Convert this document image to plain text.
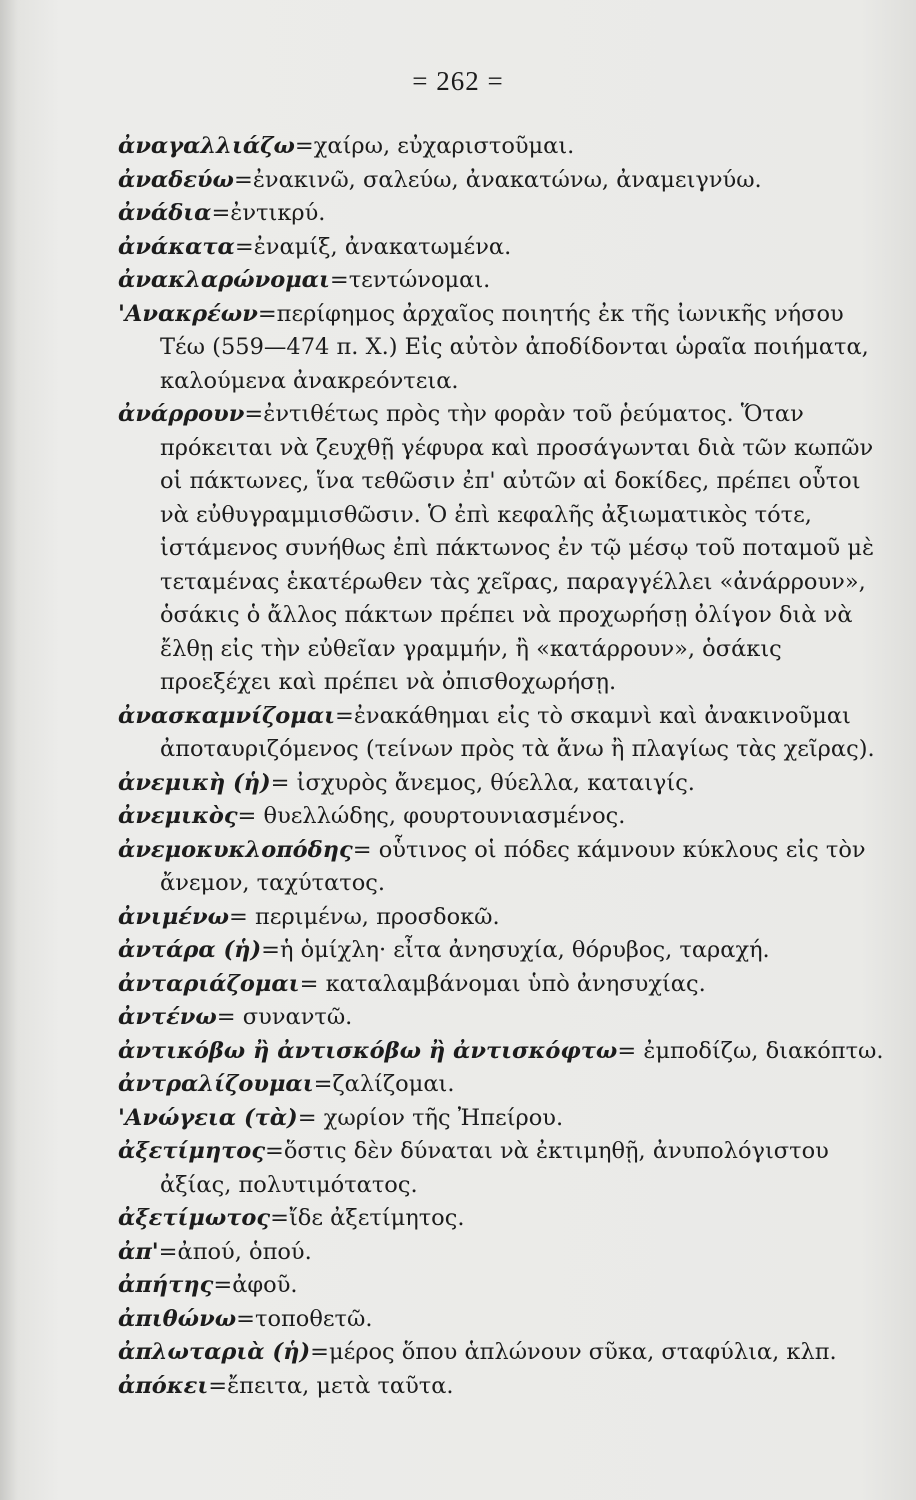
= 262 =

ἀναγαλλιάζω=χαίρω, εὐχαριστοῦμαι.

ἀναδεύω=ἐνακινῶ, σαλεύω, ἀνακατώνω, ἀναμειγνύω.

ἀνάδια=ἐντικρύ.

ἀνάκατα=ἐναμίξ, ἀνακατωμένα.

ἀνακλαρώνομαι=τεντώνομαι.

'Ανακρέων=περίφημος ἀρχαῖος ποιητής ἐκ τῆς ἰωνικῆς νήσου Τέω (559—474 π. Χ.) Εἰς αὐτὸν ἀποδίδονται ὡραῖα ποιήματα, καλούμενα ἀνακρεόντεια.

ἀνάρρουν=ἐντιθέτως πρὸς τὴν φορὰν τοῦ ῥεύματος. Ὅταν πρόκειται νὰ ζευχθῇ γέφυρα καὶ προσάγωνται διὰ τῶν κωπῶν οἱ πάκτωνες, ἵνα τεθῶσιν ἐπ' αὐτῶν αἱ δοκίδες, πρέπει οὗτοι νὰ εὐθυγραμμισθῶσιν. Ὁ ἐπὶ κεφαλῆς ἀξιωματικὸς τότε, ἱστάμενος συνήθως ἐπὶ πάκτωνος ἐν τῷ μέσῳ τοῦ ποταμοῦ μὲ τεταμένας ἑκατέρωθεν τὰς χεῖρας, παραγγέλλει «ἀνάρρουν», ὁσάκις ὁ ἄλλος πάκτων πρέπει νὰ προχωρήσῃ ὀλίγον διὰ νὰ ἔλθῃ εἰς τὴν εὐθεῖαν γραμμήν, ἢ «κατάρρουν», ὁσάκις προεξέχει καὶ πρέπει νὰ ὀπισθοχωρήσῃ.

ἀνασκαμνίζομαι=ἐνακάθημαι εἰς τὸ σκαμνὶ καὶ ἀνακινοῦμαι ἀποταυριζόμενος (τείνων πρὸς τὰ ἄνω ἢ πλαγίως τὰς χεῖρας).

ἀνεμικὴ (ἡ)= ἰσχυρὸς ἄνεμος, θύελλα, καταιγίς.

ἀνεμικὸς= θυελλώδης, φουρτουνιασμένος.

ἀνεμοκυκλοπόδης= οὗτινος οἱ πόδες κάμνουν κύκλους εἰς τὸν ἄνεμον, ταχύτατος.

ἀνιμένω= περιμένω, προσδοκῶ.

ἀντάρα (ἡ)=ἡ ὁμίχλη· εἶτα ἀνησυχία, θόρυβος, ταραχή.

ἀνταριάζομαι= καταλαμβάνομαι ὑπὸ ἀνησυχίας.

ἀντένω= συναντῶ.

ἀντικόβω ἢ ἀντισκόβω ἢ ἀντισκόφτω= ἐμποδίζω, διακόπτω.

ἀντραλίζουμαι=ζαλίζομαι.

'Ανώγεια (τὰ)= χωρίον τῆς Ἠπείρου.

ἀξετίμητος=ὅστις δὲν δύναται νὰ ἐκτιμηθῇ, ἀνυπολόγιστου ἀξίας, πολυτιμότατος.

ἀξετίμωτος=ἴδε ἀξετίμητος.

ἀπ'=ἀπού, ὁπού.

ἀπήτης=ἀφοῦ.

ἀπιθώνω=τοποθετῶ.

ἀπλωταριὰ (ἡ)=μέρος ὅπου ἁπλώνουν σῦκα, σταφύλια, κλπ.

ἀπόκει=ἔπειτα, μετὰ ταῦτα.
